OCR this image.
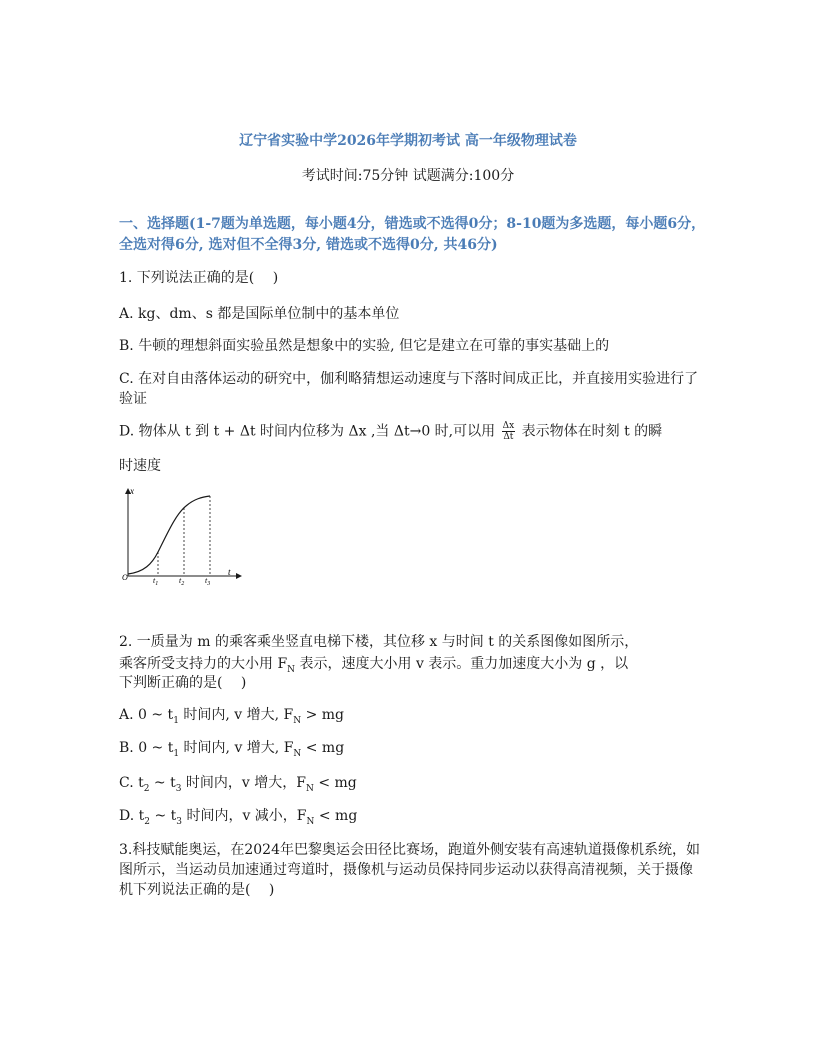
辽宁省实验中学2026年学期初考试 高一年级物理试卷
考试时间:75分钟 试题满分:100分
一、选择题(1-7题为单选题，每小题4分，错选或不选得0分；8-10题为多选题，每小题6分，全选对得6分, 选对但不全得3分, 错选或不选得0分, 共46分)
1. 下列说法正确的是(　 )
A. kg、dm、s 都是国际单位制中的基本单位
B. 牛顿的理想斜面实验虽然是想象中的实验, 但它是建立在可靠的事实基础上的
C. 在对自由落体运动的研究中，伽利略猜想运动速度与下落时间成正比，并直接用实验进行了验证
D. 物体从 t 到 t + Δt 时间内位移为 Δx ,当 Δt→0 时,可以用 $\frac{\Delta x}{\Delta t}$ 表示物体在时刻 t 的瞬
时速度
x
t
O	$t_1$	$t_2$	$t_3$
2. 一质量为 m 的乘客乘坐竖直电梯下楼，其位移 x 与时间 t 的关系图像如图所示，
乘客所受支持力的大小用 $F_N$ 表示，速度大小用 v 表示。重力加速度大小为 g ，以
下判断正确的是(　 )
A. 0 ~ $t_1$ 时间内, v 增大, $F_N$ > mg
B. 0 ~ $t_1$ 时间内, v 增大, $F_N$ < mg
C. $t_2$ ~ $t_3$ 时间内，v 增大，$F_N$ < mg
D. $t_2$ ~ $t_3$ 时间内，v 减小，$F_N$ < mg
3.科技赋能奥运，在2024年巴黎奥运会田径比赛场，跑道外侧安装有高速轨道摄像机系统，如图所示，当运动员加速通过弯道时，摄像机与运动员保持同步运动以获得高清视频，关于摄像机下列说法正确的是(　 )
